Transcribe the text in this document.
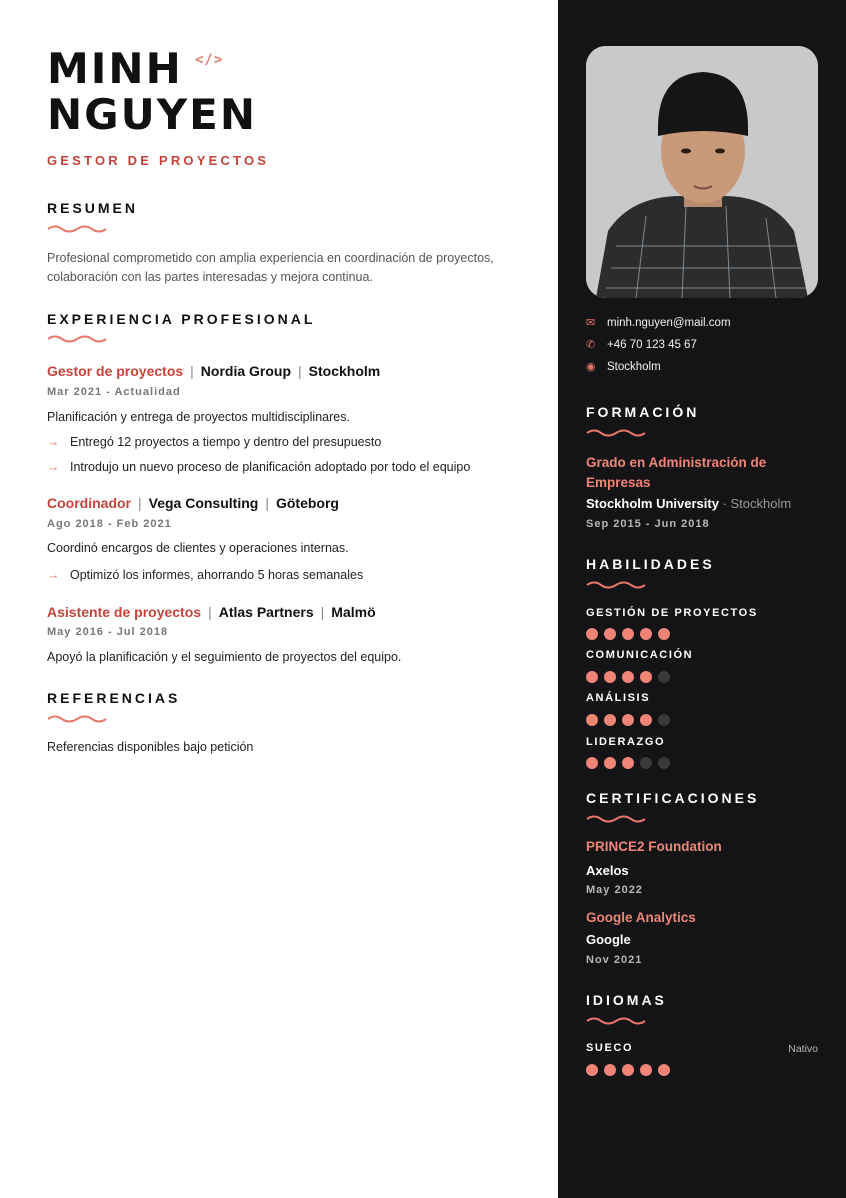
MINH
NGUYEN
</>
GESTOR DE PROYECTOS
RESUMEN
Profesional comprometido con amplia experiencia en coordinación de proyectos, colaboración con las partes interesadas y mejora continua.
EXPERIENCIA PROFESIONAL
Gestor de proyectos | Nordia Group | Stockholm
Mar 2021 - Actualidad
Planificación y entrega de proyectos multidisciplinares.
→ Entregó 12 proyectos a tiempo y dentro del presupuesto
→ Introdujo un nuevo proceso de planificación adoptado por todo el equipo
Coordinador | Vega Consulting | Göteborg
Ago 2018 - Feb 2021
Coordinó encargos de clientes y operaciones internas.
→ Optimizó los informes, ahorrando 5 horas semanales
Asistente de proyectos | Atlas Partners | Malmö
May 2016 - Jul 2018
Apoyó la planificación y el seguimiento de proyectos del equipo.
REFERENCIAS
Referencias disponibles bajo petición
✉ minh.nguyen@mail.com
✆ +46 70 123 45 67
◉ Stockholm
FORMACIÓN
Grado en Administración de Empresas
Stockholm University · Stockholm
Sep 2015 - Jun 2018
HABILIDADES
GESTIÓN DE PROYECTOS
COMUNICACIÓN
ANÁLISIS
LIDERAZGO
CERTIFICACIONES
PRINCE2 Foundation
Axelos
May 2022
Google Analytics
Google
Nov 2021
IDIOMAS
SUECO	Nativo
